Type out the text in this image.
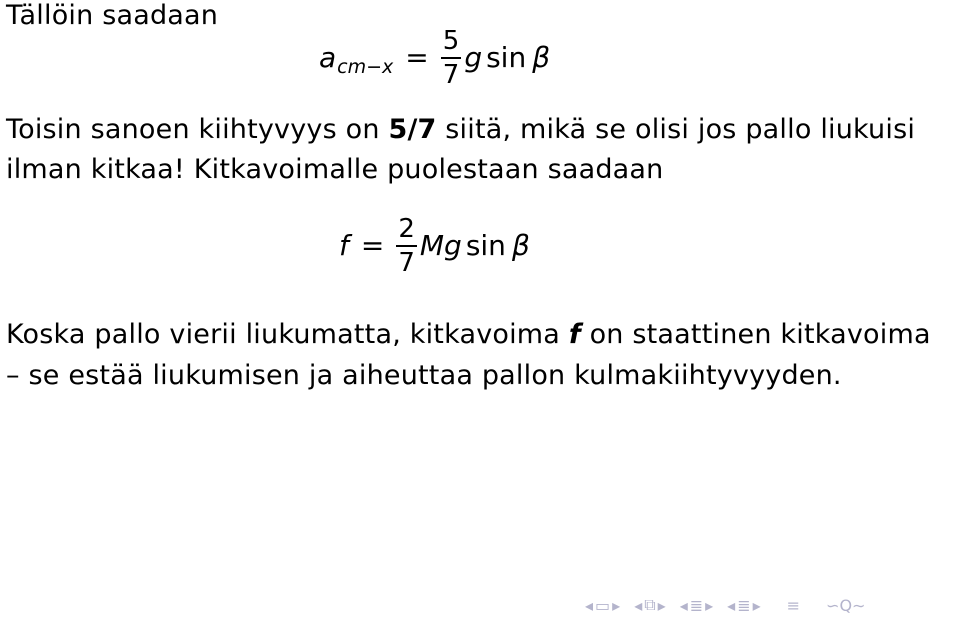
Tällöin saadaan
a $cm-x = \frac{5}{7}$ g sin β
Toisin sanoen kiihtyvyys on 5/7 siitä, mikä se olisi jos pallo liukuisi
ilman kitkaa! Kitkavoimalle puolestaan saadaan
$f = \frac{2}{7}$ Mg sin β
Koska pallo vierii liukumatta, kitkavoima f on staattinen kitkavoima
– se estää liukumisen ja aiheuttaa pallon kulmakiihtyvyyden.
◂ ▭ ▸ ◂ ⧉ ▸ ◂ ≣ ▸ ◂ ≣ ▸ ≡ ∽Q∼
